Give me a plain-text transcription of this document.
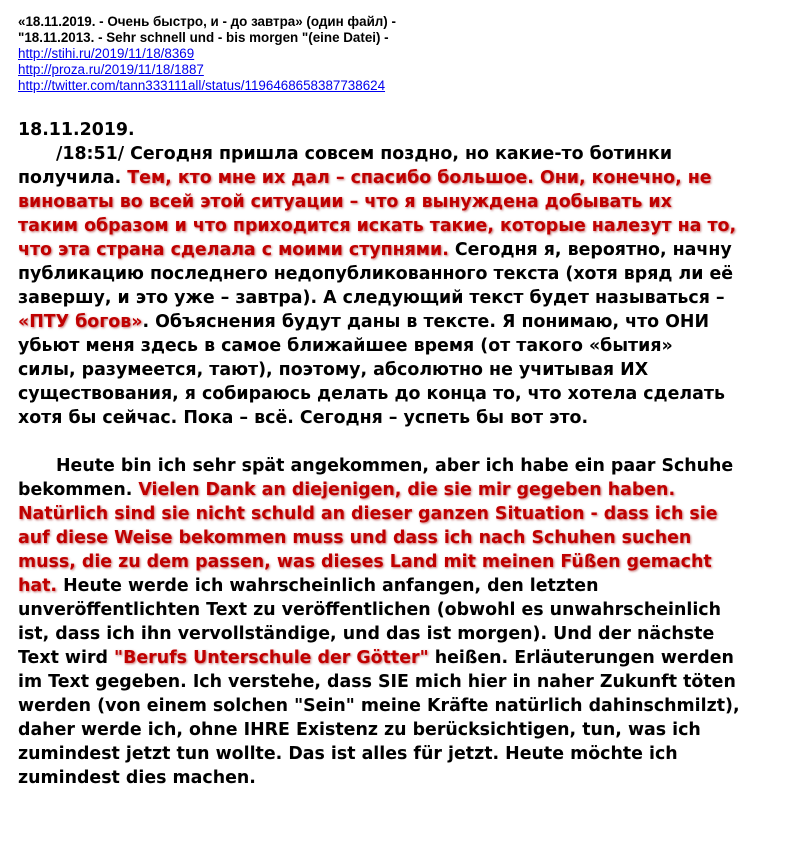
«18.11.2019. - Очень быстро, и - до завтра» (один файл) -
"18.11.2013. - Sehr schnell und - bis morgen "(eine Datei) -
http://stihi.ru/2019/11/18/8369
http://proza.ru/2019/11/18/1887
http://twitter.com/tann333111all/status/1196468658387738624

18.11.2019.

/18:51/ Сегодня пришла совсем поздно, но какие-то ботинки

получила. Тем, кто мне их дал – спасибо большое. Они, конечно, не

виноваты во всей этой ситуации – что я вынуждена добывать их

таким образом и что приходится искать такие, которые налезут на то,

что эта страна сделала с моими ступнями. Сегодня я, вероятно, начну

публикацию последнего недопубликованного текста (хотя вряд ли её

завершу, и это уже – завтра). А следующий текст будет называться –

«ПТУ богов». Объяснения будут даны в тексте. Я понимаю, что ОНИ

убьют меня здесь в самое ближайшее время (от такого «бытия»

силы, разумеется, тают), поэтому, абсолютно не учитывая ИХ

существования, я собираюсь делать до конца то, что хотела сделать

хотя бы сейчас. Пока – всё. Сегодня – успеть бы вот это.

Heute bin ich sehr spät angekommen, aber ich habe ein paar Schuhe

bekommen. Vielen Dank an diejenigen, die sie mir gegeben haben.

Natürlich sind sie nicht schuld an dieser ganzen Situation - dass ich sie

auf diese Weise bekommen muss und dass ich nach Schuhen suchen

muss, die zu dem passen, was dieses Land mit meinen Füßen gemacht

hat. Heute werde ich wahrscheinlich anfangen, den letzten

unveröffentlichten Text zu veröffentlichen (obwohl es unwahrscheinlich

ist, dass ich ihn vervollständige, und das ist morgen). Und der nächste

Text wird "Berufs Unterschule der Götter" heißen. Erläuterungen werden

im Text gegeben. Ich verstehe, dass SIE mich hier in naher Zukunft töten

werden (von einem solchen "Sein" meine Kräfte natürlich dahinschmilzt),

daher werde ich, ohne IHRE Existenz zu berücksichtigen, tun, was ich

zumindest jetzt tun wollte. Das ist alles für jetzt. Heute möchte ich

zumindest dies machen.
